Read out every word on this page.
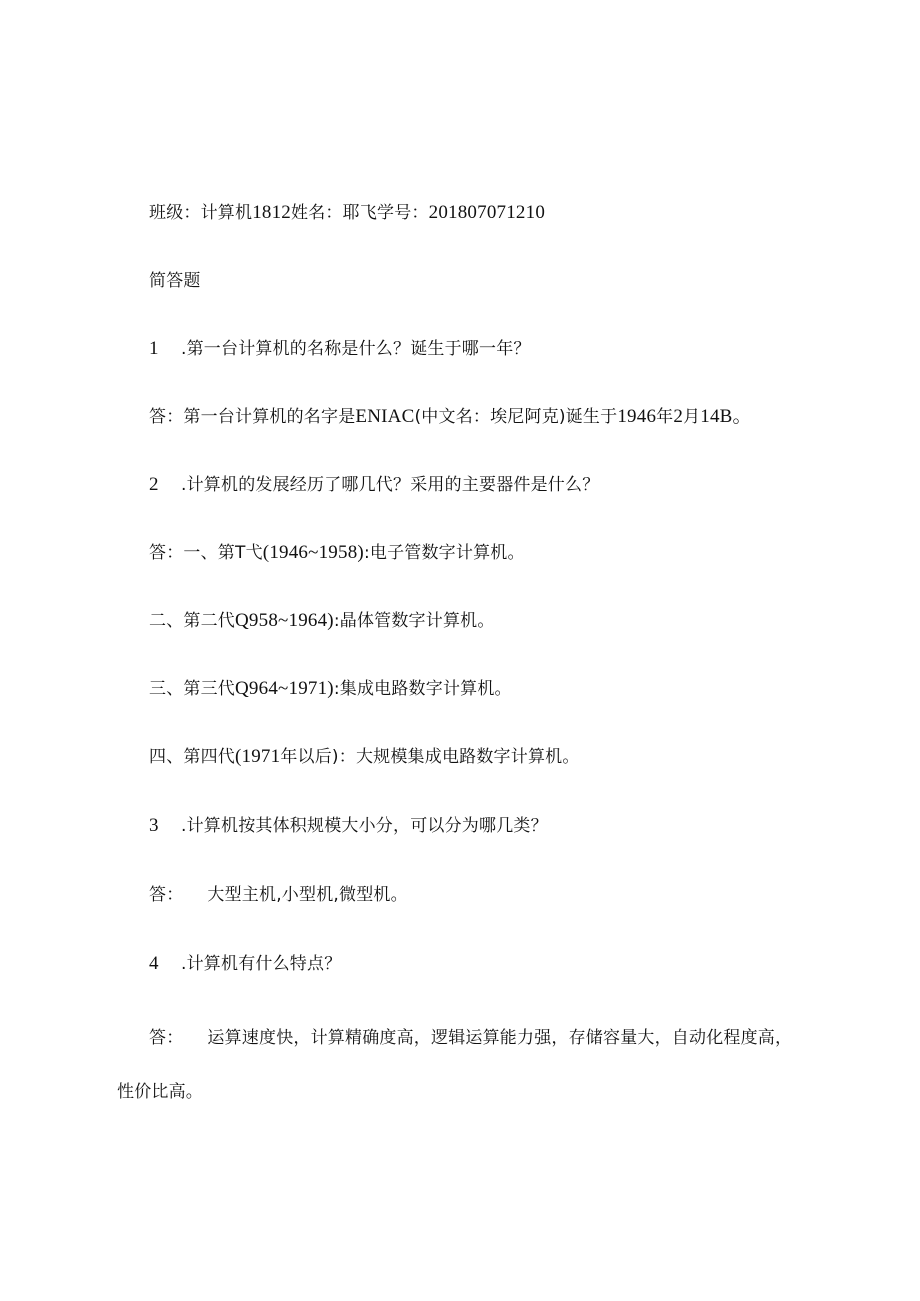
班级：计算机1812姓名：耶飞学号：201807071210
简答题
1 .第一台计算机的名称是什么？诞生于哪一年？
答：第一台计算机的名字是ENIAC(中文名：埃尼阿克)诞生于1946年2月14B。
2 .计算机的发展经历了哪几代？采用的主要器件是什么？
答：一、第T弋(1946~1958):电子管数字计算机。
二、第二代Q958~1964):晶体管数字计算机。
三、第三代Q964~1971):集成电路数字计算机。
四、第四代(1971年以后)：大规模集成电路数字计算机。
3 .计算机按其体积规模大小分，可以分为哪几类？
答： 大型主机,小型机,微型机。
4 .计算机有什么特点？
答： 运算速度快，计算精确度高，逻辑运算能力强，存储容量大，自动化程度高，
性价比高。
